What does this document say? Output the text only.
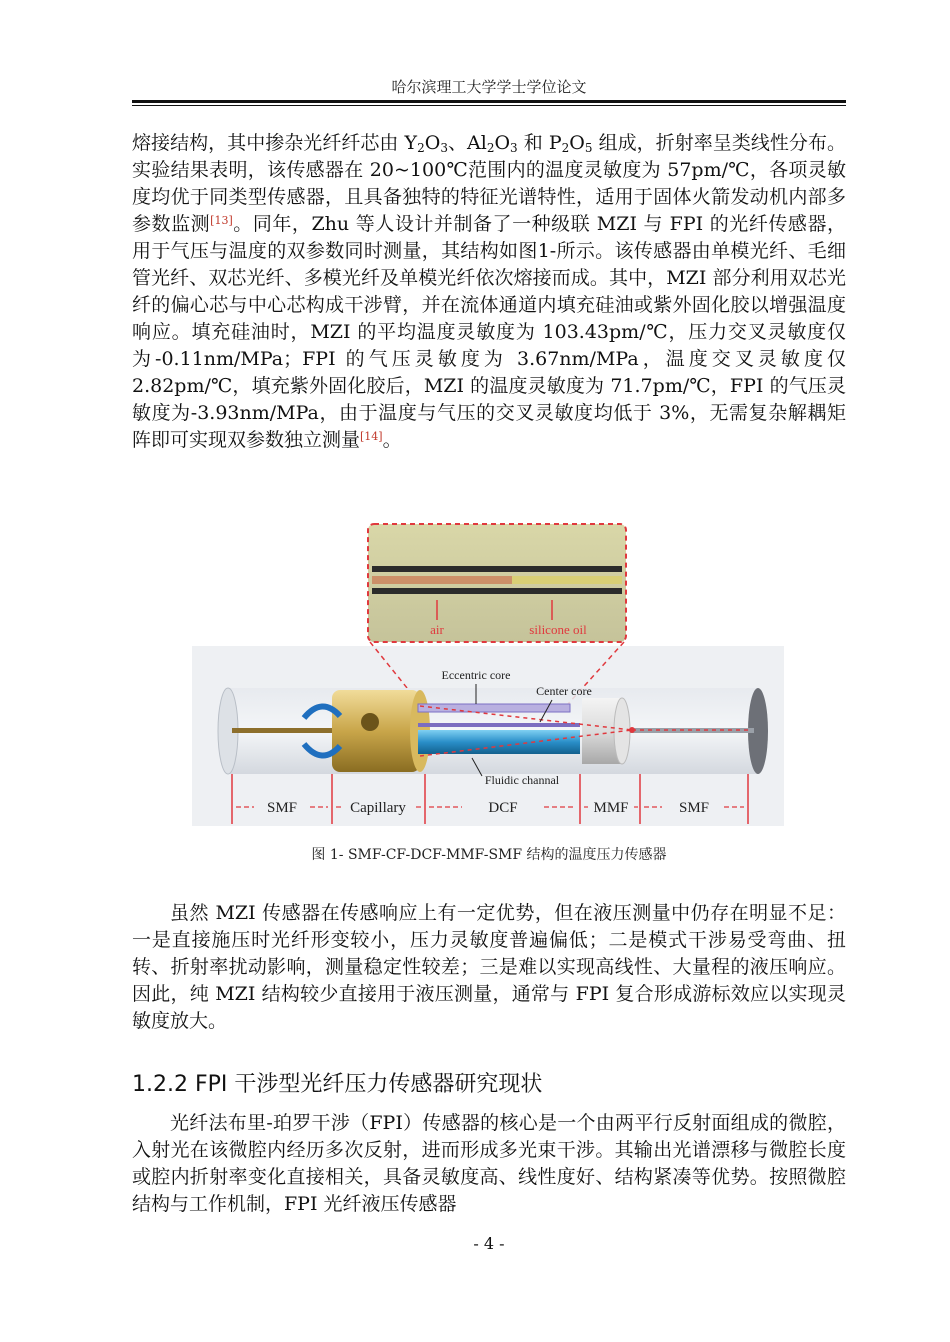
哈尔滨理工大学学士学位论文

熔接结构，其中掺杂光纤纤芯由 $Y_2O_3$、$Al_2O_3$ 和 $P_2O_5$ 组成，折射率呈类线性分布。实验结果表明，该传感器在 20~100℃范围内的温度灵敏度为 57pm/℃，各项灵敏度均优于同类型传感器，且具备独特的特征光谱特性，适用于固体火箭发动机内部多参数监测[13]。同年，Zhu 等人设计并制备了一种级联 MZI 与 FPI 的光纤传感器，用于气压与温度的双参数同时测量，其结构如图1-所示。该传感器由单模光纤、毛细管光纤、双芯光纤、多模光纤及单模光纤依次熔接而成。其中，MZI 部分利用双芯光纤的偏心芯与中心芯构成干涉臂，并在流体通道内填充硅油或紫外固化胶以增强温度响应。填充硅油时，MZI 的平均温度灵敏度为 103.43pm/℃，压力交叉灵敏度仅为-0.11nm/MPa；FPI 的气压灵敏度为 3.67nm/MPa，温度交叉灵敏度仅 2.82pm/℃，填充紫外固化胶后，MZI 的温度灵敏度为 71.7pm/℃，FPI 的气压灵敏度为-3.93nm/MPa，由于温度与气压的交叉灵敏度均低于 3%，无需复杂解耦矩阵即可实现双参数独立测量[14]。

air	silicone oil
Eccentric core
Center core
Fluidic channal
SMF	Capillary	DCF	MMF	SMF
图 1- SMF-CF-DCF-MMF-SMF 结构的温度压力传感器

虽然 MZI 传感器在传感响应上有一定优势，但在液压测量中仍存在明显不足：一是直接施压时光纤形变较小，压力灵敏度普遍偏低；二是模式干涉易受弯曲、扭转、折射率扰动影响，测量稳定性较差；三是难以实现高线性、大量程的液压响应。因此，纯 MZI 结构较少直接用于液压测量，通常与 FPI 复合形成游标效应以实现灵敏度放大。

1.2.2 FPI 干涉型光纤压力传感器研究现状

光纤法布里-珀罗干涉（FPI）传感器的核心是一个由两平行反射面组成的微腔，入射光在该微腔内经历多次反射，进而形成多光束干涉。其输出光谱漂移与微腔长度或腔内折射率变化直接相关，具备灵敏度高、线性度好、结构紧凑等优势。按照微腔结构与工作机制，FPI 光纤液压传感器

- 4 -
